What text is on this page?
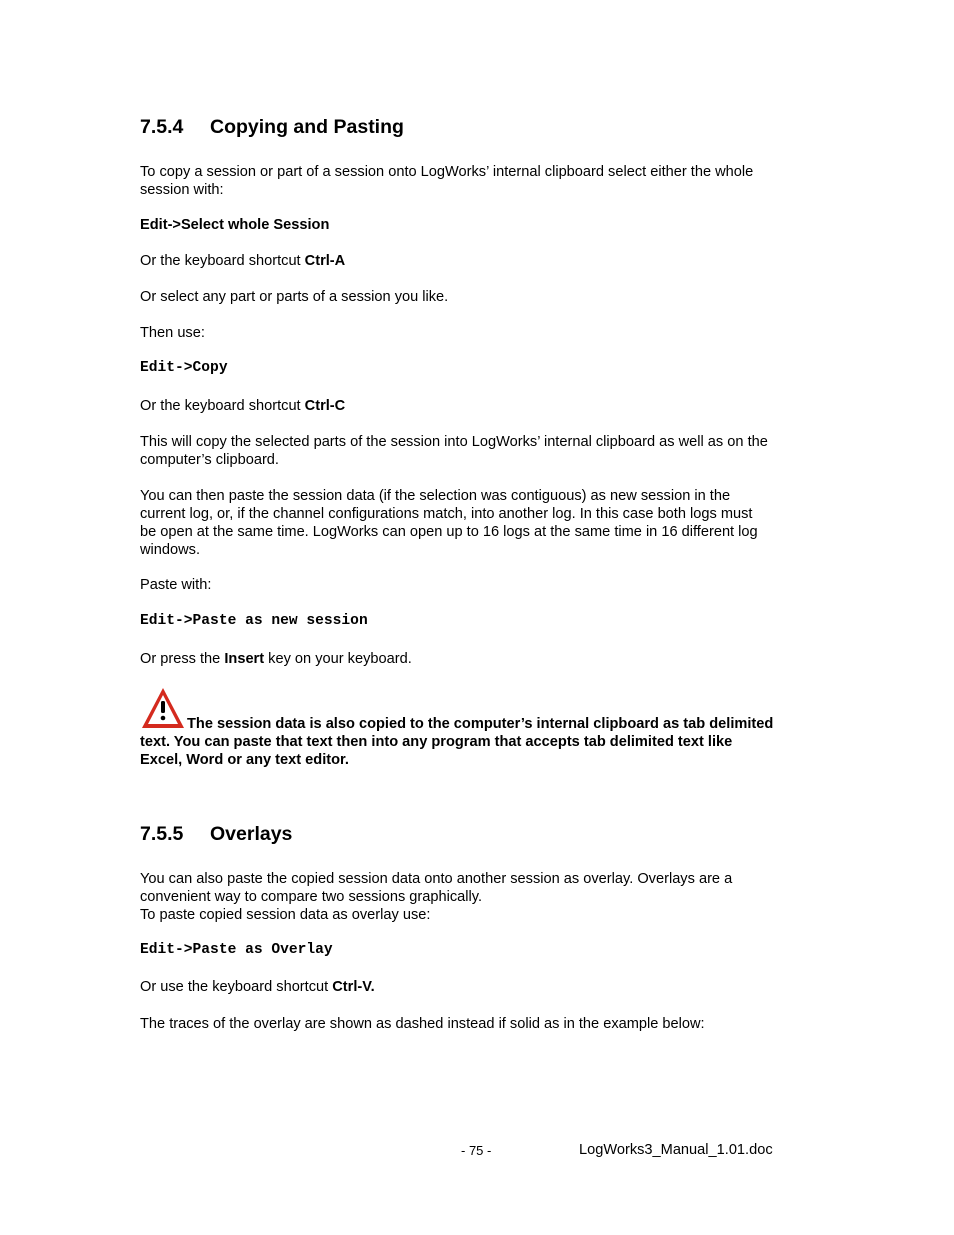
7.5.4 Copying and Pasting
To copy a session or part of a session onto LogWorks’ internal clipboard select either the whole
session with:
Edit->Select whole Session
Or the keyboard shortcut Ctrl-A
Or select any part or parts of a session you like.
Then use:
Edit->Copy
Or the keyboard shortcut Ctrl-C
This will copy the selected parts of the session into LogWorks’ internal clipboard as well as on the
computer’s clipboard.
You can then paste the session data (if the selection was contiguous) as new session in the
current log, or, if the channel configurations match, into another log. In this case both logs must
be open at the same time. LogWorks can open up to 16 logs at the same time in 16 different log
windows.
Paste with:
Edit->Paste as new session
Or press the Insert key on your keyboard.
The session data is also copied to the computer’s internal clipboard as tab delimited
text. You can paste that text then into any program that accepts tab delimited text like
Excel, Word or any text editor.
7.5.5 Overlays
You can also paste the copied session data onto another session as overlay. Overlays are a
convenient way to compare two sessions graphically.
To paste copied session data as overlay use:
Edit->Paste as Overlay
Or use the keyboard shortcut Ctrl-V.
The traces of the overlay are shown as dashed instead if solid as in the example below:
- 75 -	LogWorks3_Manual_1.01.doc
